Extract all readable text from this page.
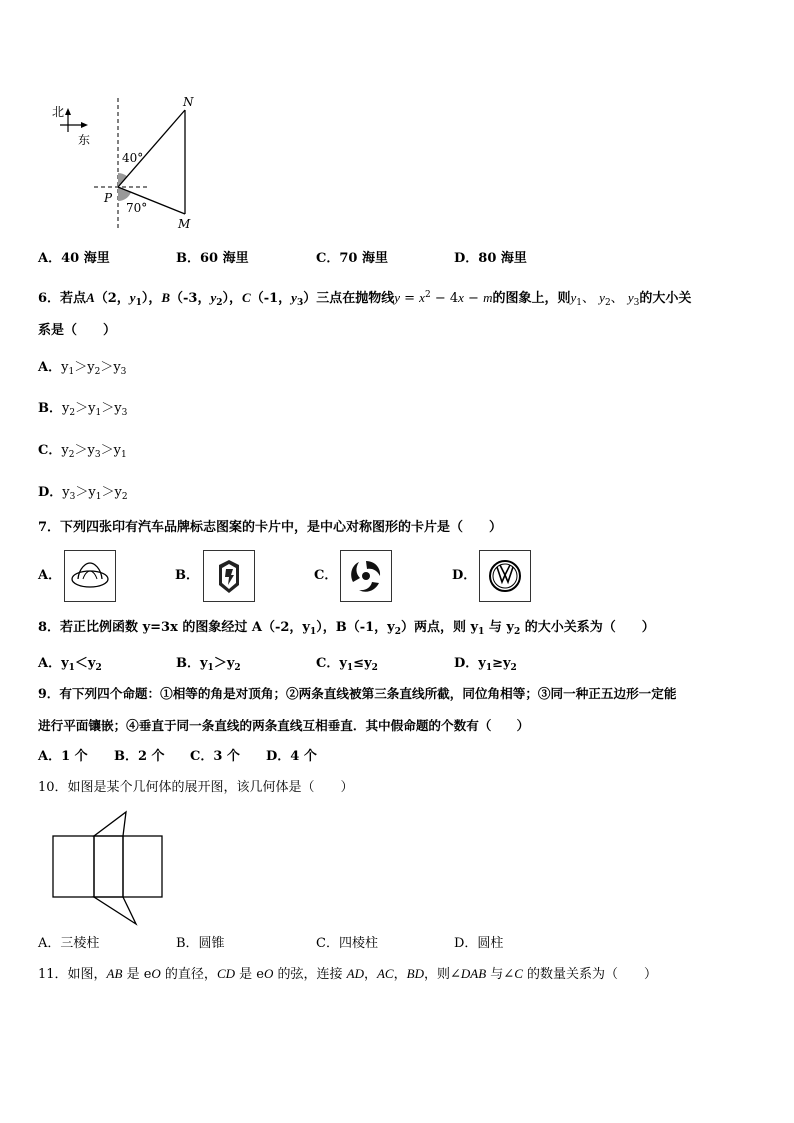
北
东
40°
70°
N
P
M
A．40 海里	B．60 海里	C．70 海里	D．80 海里
6．若点A（2，$y_1$），B（-3，$y_2$），C（-1，$y_3$）三点在抛物线$y = x^2 - 4x - m$的图象上，则$y_1$、 $y_2$、 $y_3$的大小关
系是（　　）
A．$y_1>y_2>y_3$
B．$y_2>y_1>y_3$
C．$y_2>y_3>y_1$
D．$y_3>y_1>y_2$
7．下列四张印有汽车品牌标志图案的卡片中，是中心对称图形的卡片是（　　）
A．	B．	C．	D．
8．若正比例函数 y=3x 的图象经过 A（-2，$y_1$），B（-1，$y_2$）两点，则 $y_1$ 与 $y_2$ 的大小关系为（　　）
A．$y_1<y_2$	B．$y_1>y_2$	C．$y_1\le y_2$	D．$y_1\ge y_2$
9．有下列四个命题：①相等的角是对顶角；②两条直线被第三条直线所截，同位角相等；③同一种正五边形一定能
进行平面镶嵌；④垂直于同一条直线的两条直线互相垂直．其中假命题的个数有（　　）
A．1 个 B．2 个 C．3 个 D．4 个
10．如图是某个几何体的展开图，该几何体是（　　）
A．三棱柱	B．圆锥	C．四棱柱	D．圆柱
11．如图，AB 是 eO 的直径，CD 是 eO 的弦，连接 AD，AC，BD，则∠DAB 与∠C 的数量关系为（　　）
